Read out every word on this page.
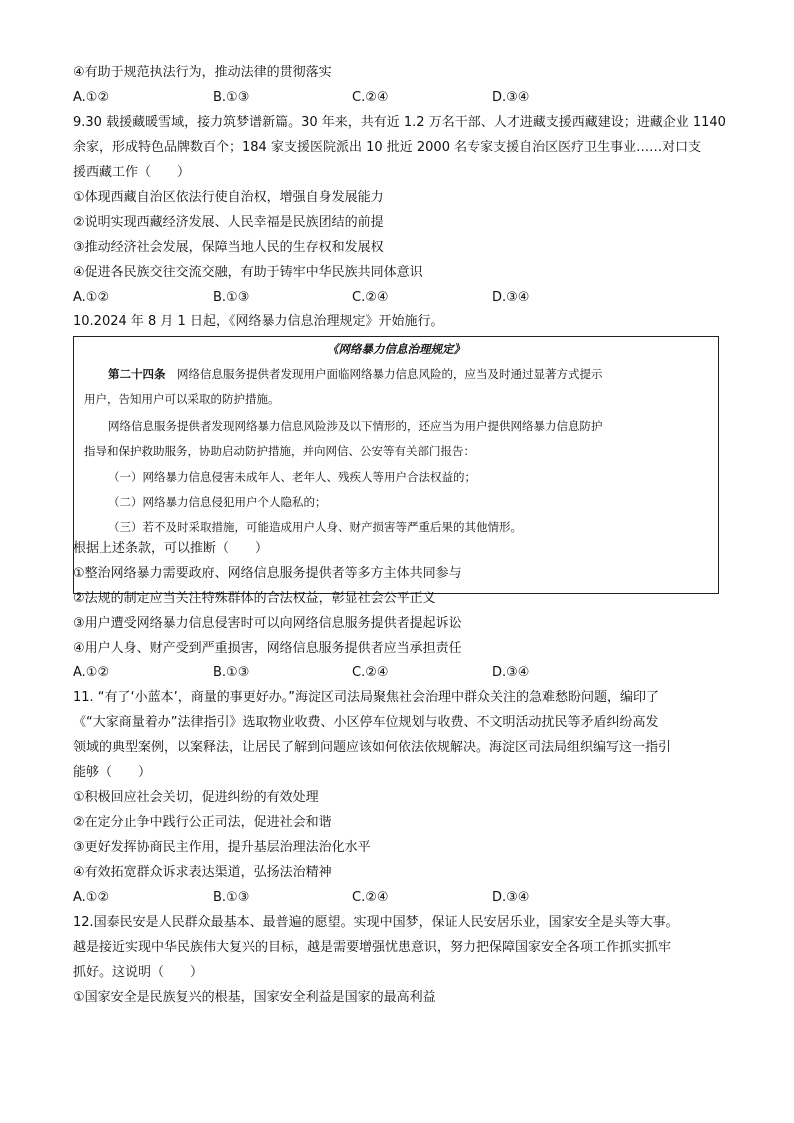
④有助于规范执法行为，推动法律的贯彻落实
A.①②	B.①③	C.②④	D.③④
9.30 载援藏暖雪域，接力筑梦谱新篇。30 年来，共有近 1.2 万名干部、人才进藏支援西藏建设；进藏企业 1140
余家，形成特色品牌数百个；184 家支援医院派出 10 批近 2000 名专家支援自治区医疗卫生事业……对口支
援西藏工作（　　）
①体现西藏自治区依法行使自治权，增强自身发展能力
②说明实现西藏经济发展、人民幸福是民族团结的前提
③推动经济社会发展，保障当地人民的生存权和发展权
④促进各民族交往交流交融，有助于铸牢中华民族共同体意识
A.①②	B.①③	C.②④	D.③④
10.2024 年 8 月 1 日起，《网络暴力信息治理规定》开始施行。
《网络暴力信息治理规定》
第二十四条　网络信息服务提供者发现用户面临网络暴力信息风险的，应当及时通过显著方式提示
用户，告知用户可以采取的防护措施。
网络信息服务提供者发现网络暴力信息风险涉及以下情形的，还应当为用户提供网络暴力信息防护
指导和保护救助服务，协助启动防护措施，并向网信、公安等有关部门报告：
（一）网络暴力信息侵害未成年人、老年人、残疾人等用户合法权益的；
（二）网络暴力信息侵犯用户个人隐私的；
（三）若不及时采取措施，可能造成用户人身、财产损害等严重后果的其他情形。
根据上述条款，可以推断（　　）
①整治网络暴力需要政府、网络信息服务提供者等多方主体共同参与
②法规的制定应当关注特殊群体的合法权益，彰显社会公平正义
③用户遭受网络暴力信息侵害时可以向网络信息服务提供者提起诉讼
④用户人身、财产受到严重损害，网络信息服务提供者应当承担责任
A.①②	B.①③	C.②④	D.③④
11. “有了‘小蓝本’，商量的事更好办。”海淀区司法局聚焦社会治理中群众关注的急难愁盼问题，编印了
《“大家商量着办”法律指引》选取物业收费、小区停车位规划与收费、不文明活动扰民等矛盾纠纷高发
领域的典型案例，以案释法，让居民了解到问题应该如何依法依规解决。海淀区司法局组织编写这一指引
能够（　　）
①积极回应社会关切，促进纠纷的有效处理
②在定分止争中践行公正司法，促进社会和谐
③更好发挥协商民主作用，提升基层治理法治化水平
④有效拓宽群众诉求表达渠道，弘扬法治精神
A.①②	B.①③	C.②④	D.③④
12.国泰民安是人民群众最基本、最普遍的愿望。实现中国梦，保证人民安居乐业，国家安全是头等大事。
越是接近实现中华民族伟大复兴的目标，越是需要增强忧患意识，努力把保障国家安全各项工作抓实抓牢
抓好。这说明（　　）
①国家安全是民族复兴的根基，国家安全利益是国家的最高利益
